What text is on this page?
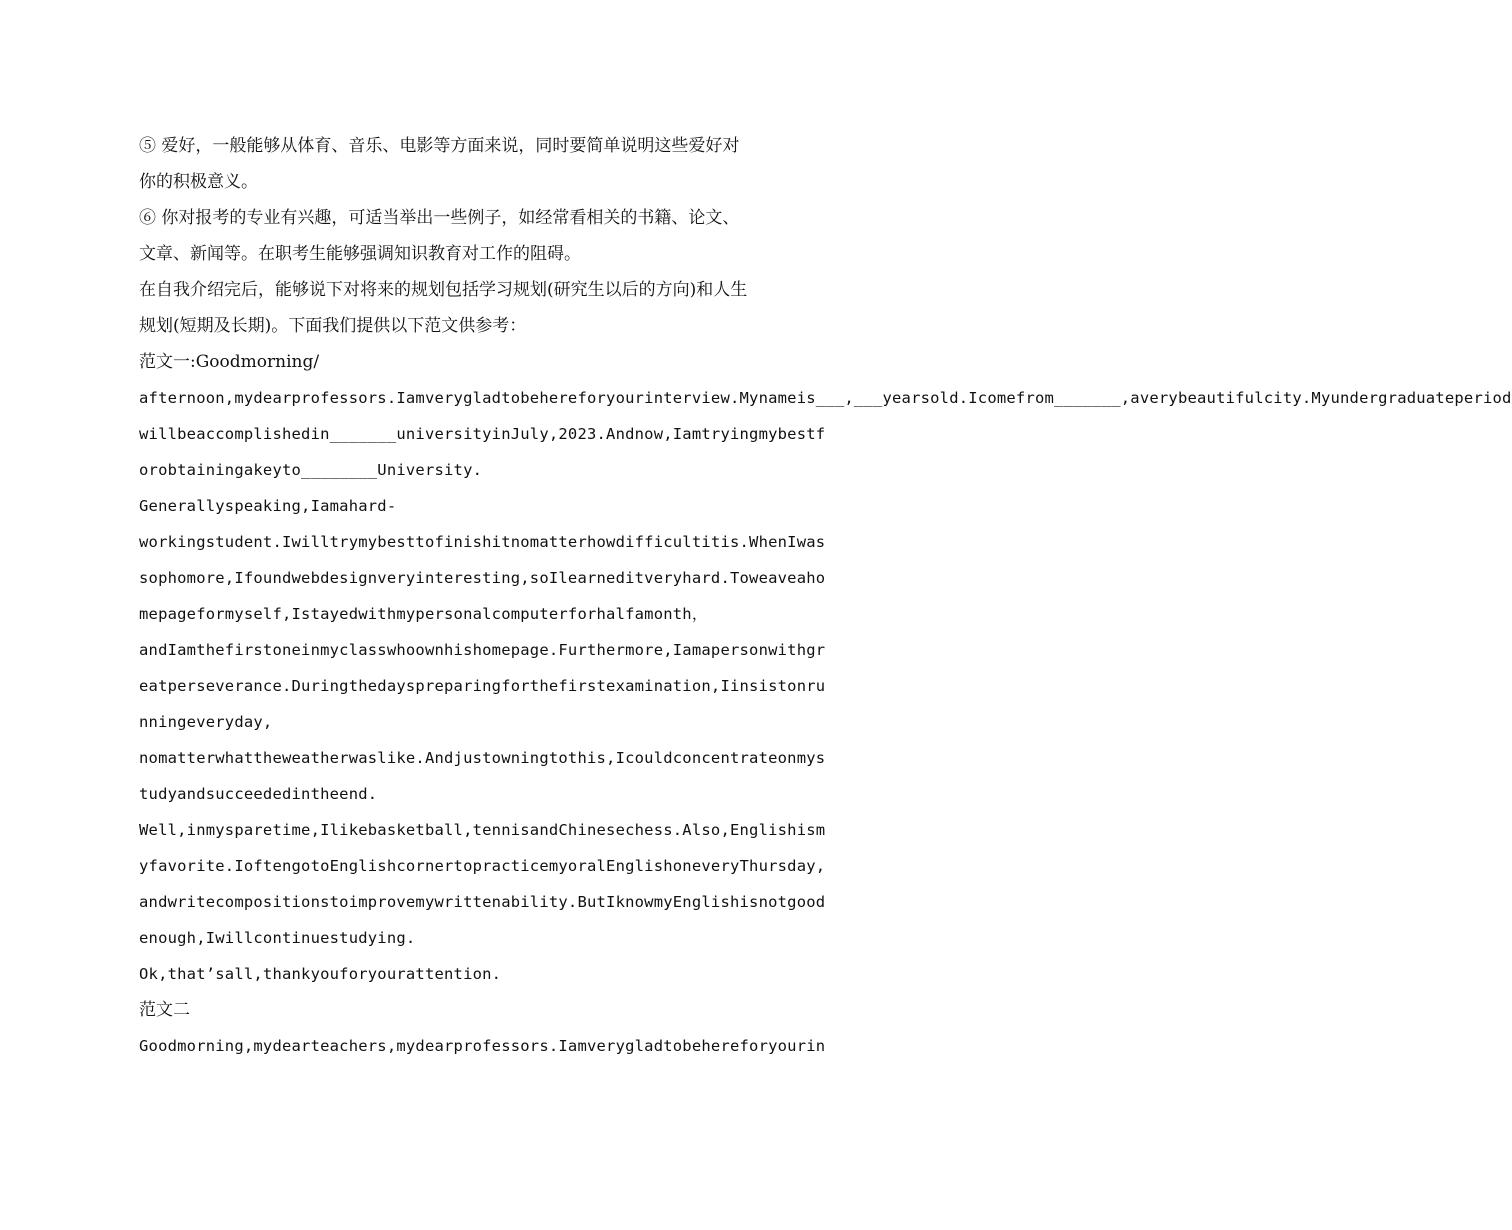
⑤ 爱好，一般能够从体育、音乐、电影等方面来说，同时要简单说明这些爱好对
你的积极意义。
⑥ 你对报考的专业有兴趣，可适当举出一些例子，如经常看相关的书籍、论文、
文章、新闻等。在职考生能够强调知识教育对工作的阻碍。
在自我介绍完后，能够说下对将来的规划包括学习规划(研究生以后的方向)和人生
规划(短期及长期)。下面我们提供以下范文供参考：
范文一:Goodmorning/
afternoon,mydearprofessors.Iamverygladtobehereforyourinterview.Mynameis___,___yearsold.Icomefrom_______,averybeautifulcity.Myundergraduateperiod
willbeaccomplishedin_______universityinJuly,2023.Andnow,Iamtryingmybestf
orobtainingakeyto________University.
Generallyspeaking,Iamahard-
workingstudent.Iwilltrymybesttofinishitnomatterhowdifficultitis.WhenIwas
sophomore,Ifoundwebdesignveryinteresting,soIlearneditveryhard.Toweaveaho
mepageformyself,Istayedwithmypersonalcomputerforhalfamonth，
andIamthefirstoneinmyclasswhoownhishomepage.Furthermore,Iamapersonwithgr
eatperseverance.Duringthedayspreparingforthefirstexamination,Iinsistonru
nningeveryday,
nomatterwhattheweatherwaslike.Andjustowningtothis,Icouldconcentrateonmys
tudyandsucceededintheend.
Well,inmysparetime,Ilikebasketball,tennisandChinesechess.Also,Englishism
yfavorite.IoftengotoEnglishcornertopracticemyoralEnglishoneveryThursday,
andwritecompositionstoimprovemywrittenability.ButIknowmyEnglishisnotgood
enough,Iwillcontinuestudying.
Ok,that’sall,thankyouforyourattention.
范文二
Goodmorning,mydearteachers,mydearprofessors.Iamverygladtobehereforyourin
